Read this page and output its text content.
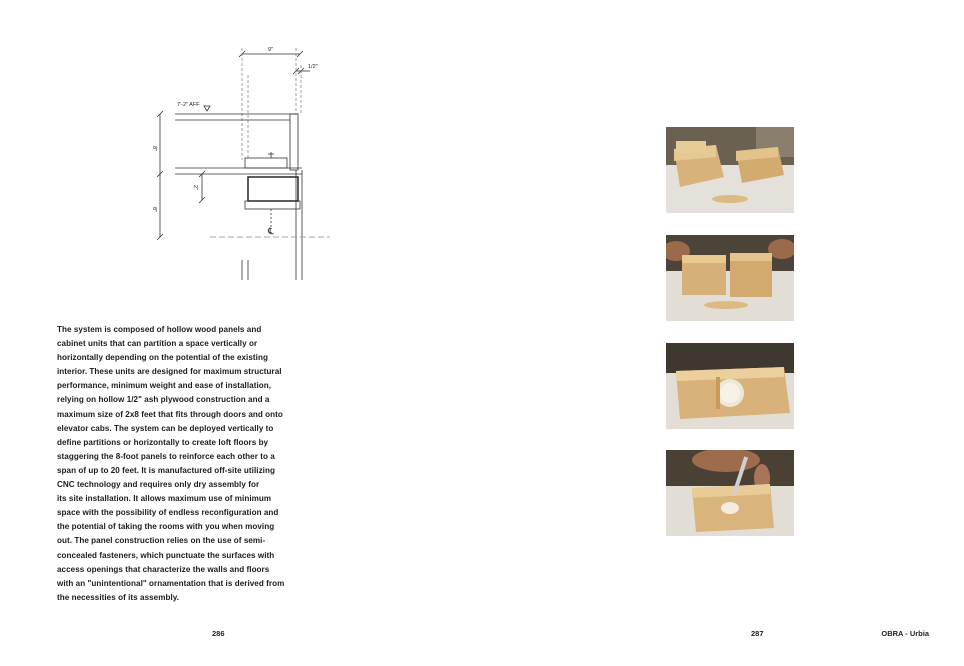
9"
1/2"
7'-2" AFF
8"
8"
2"
℄
The system is composed of hollow wood panels and
cabinet units that can partition a space vertically or
horizontally depending on the potential of the existing
interior. These units are designed for maximum structural
performance, minimum weight and ease of installation,
relying on hollow 1/2" ash plywood construction and a
maximum size of 2x8 feet that fits through doors and onto
elevator cabs. The system can be deployed vertically to
define partitions or horizontally to create loft floors by
staggering the 8-foot panels to reinforce each other to a
span of up to 20 feet. It is manufactured off-site utilizing
CNC technology and requires only dry assembly for
its site installation. It allows maximum use of minimum
space with the possibility of endless reconfiguration and
the potential of taking the rooms with you when moving
out. The panel construction relies on the use of semi-
concealed fasteners, which punctuate the surfaces with
access openings that characterize the walls and floors
with an "unintentional" ornamentation that is derived from
the necessities of its assembly.
286	287	OBRA - Urbia
